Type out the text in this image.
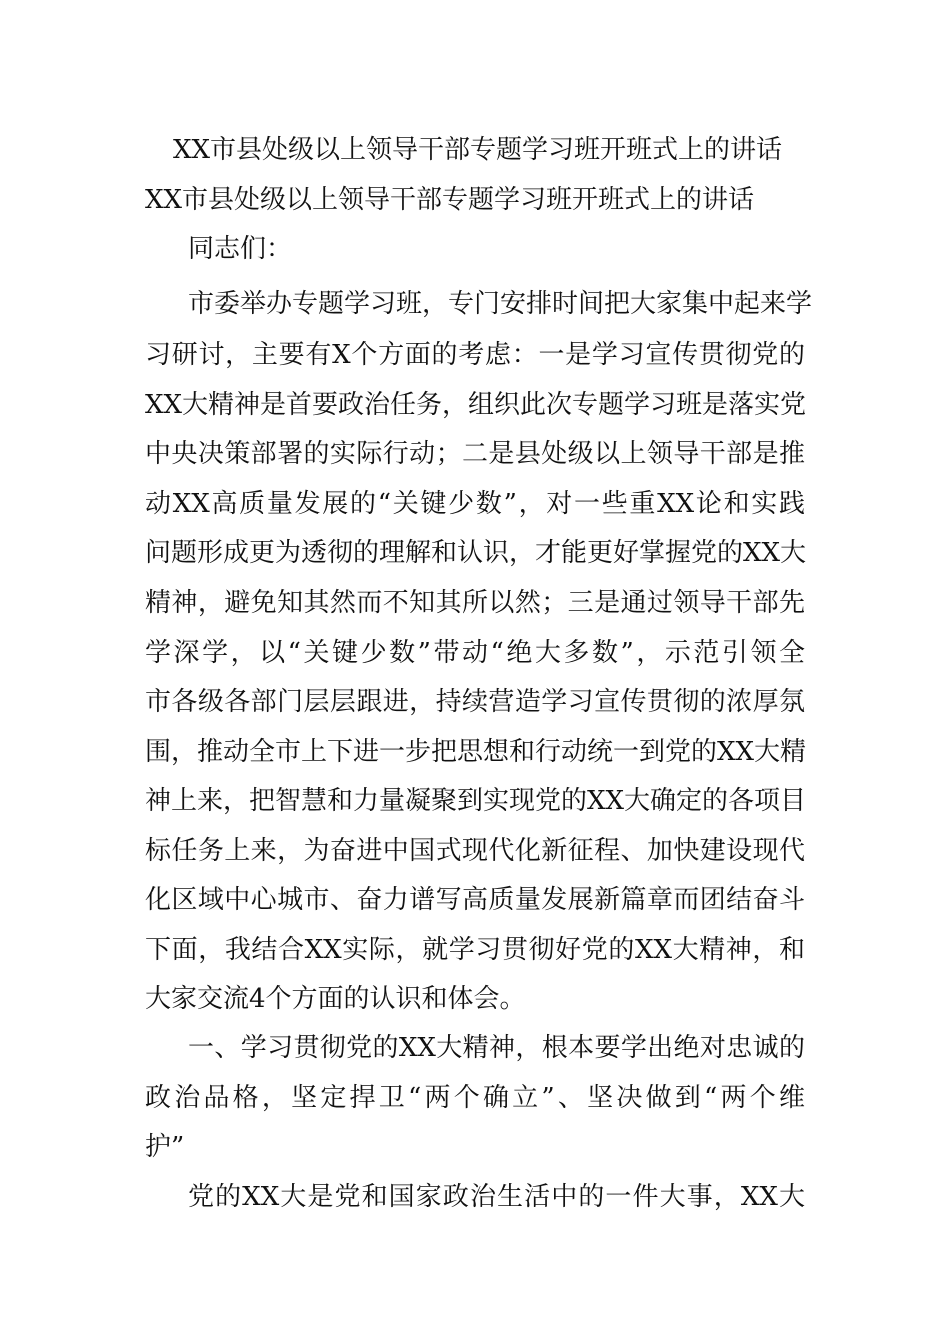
XX市县处级以上领导干部专题学习班开班式上的讲话
XX市县处级以上领导干部专题学习班开班式上的讲话
同志们：
市委举办专题学习班，专门安排时间把大家集中起来学
习研讨，主要有X个方面的考虑：一是学习宣传贯彻党的
XX大精神是首要政治任务，组织此次专题学习班是落实党
中央决策部署的实际行动；二是县处级以上领导干部是推
动XX高质量发展的“关键少数”，对一些重XX论和实践
问题形成更为透彻的理解和认识，才能更好掌握党的XX大
精神，避免知其然而不知其所以然；三是通过领导干部先
学深学，以“关键少数”带动“绝大多数”，示范引领全
市各级各部门层层跟进，持续营造学习宣传贯彻的浓厚氛
围，推动全市上下进一步把思想和行动统一到党的XX大精
神上来，把智慧和力量凝聚到实现党的XX大确定的各项目
标任务上来，为奋进中国式现代化新征程、加快建设现代
化区域中心城市、奋力谱写高质量发展新篇章而团结奋斗
下面，我结合XX实际，就学习贯彻好党的XX大精神，和
大家交流4个方面的认识和体会。
一、学习贯彻党的XX大精神，根本要学出绝对忠诚的
政治品格，坚定捍卫“两个确立”、坚决做到“两个维
护”
党的XX大是党和国家政治生活中的一件大事，XX大
